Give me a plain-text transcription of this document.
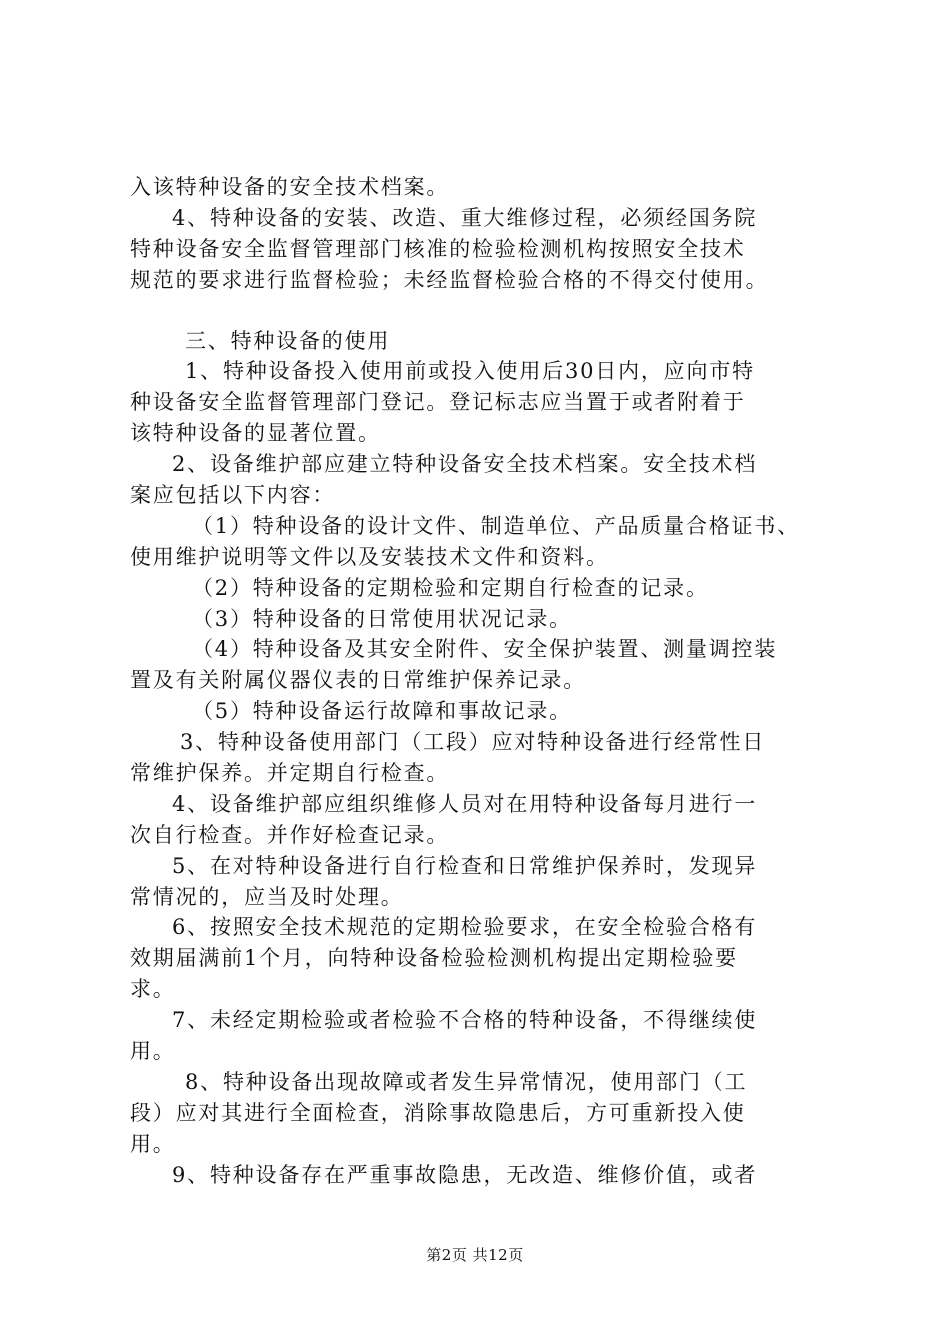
入该特种设备的安全技术档案。
4、特种设备的安装、改造、重大维修过程，必须经国务院
特种设备安全监督管理部门核准的检验检测机构按照安全技术
规范的要求进行监督检验；未经监督检验合格的不得交付使用。
三、特种设备的使用
1、特种设备投入使用前或投入使用后30日内，应向市特
种设备安全监督管理部门登记。登记标志应当置于或者附着于
该特种设备的显著位置。
2、设备维护部应建立特种设备安全技术档案。安全技术档
案应包括以下内容：
（1）特种设备的设计文件、制造单位、产品质量合格证书、
使用维护说明等文件以及安装技术文件和资料。
（2）特种设备的定期检验和定期自行检查的记录。
（3）特种设备的日常使用状况记录。
（4）特种设备及其安全附件、安全保护装置、测量调控装
置及有关附属仪器仪表的日常维护保养记录。
（5）特种设备运行故障和事故记录。
3、特种设备使用部门（工段）应对特种设备进行经常性日
常维护保养。并定期自行检查。
4、设备维护部应组织维修人员对在用特种设备每月进行一
次自行检查。并作好检查记录。
5、在对特种设备进行自行检查和日常维护保养时，发现异
常情况的，应当及时处理。
6、按照安全技术规范的定期检验要求，在安全检验合格有
效期届满前1个月，向特种设备检验检测机构提出定期检验要
求。
7、未经定期检验或者检验不合格的特种设备，不得继续使
用。
8、特种设备出现故障或者发生异常情况，使用部门（工
段）应对其进行全面检查，消除事故隐患后，方可重新投入使
用。
9、特种设备存在严重事故隐患，无改造、维修价值，或者
第2页 共12页
